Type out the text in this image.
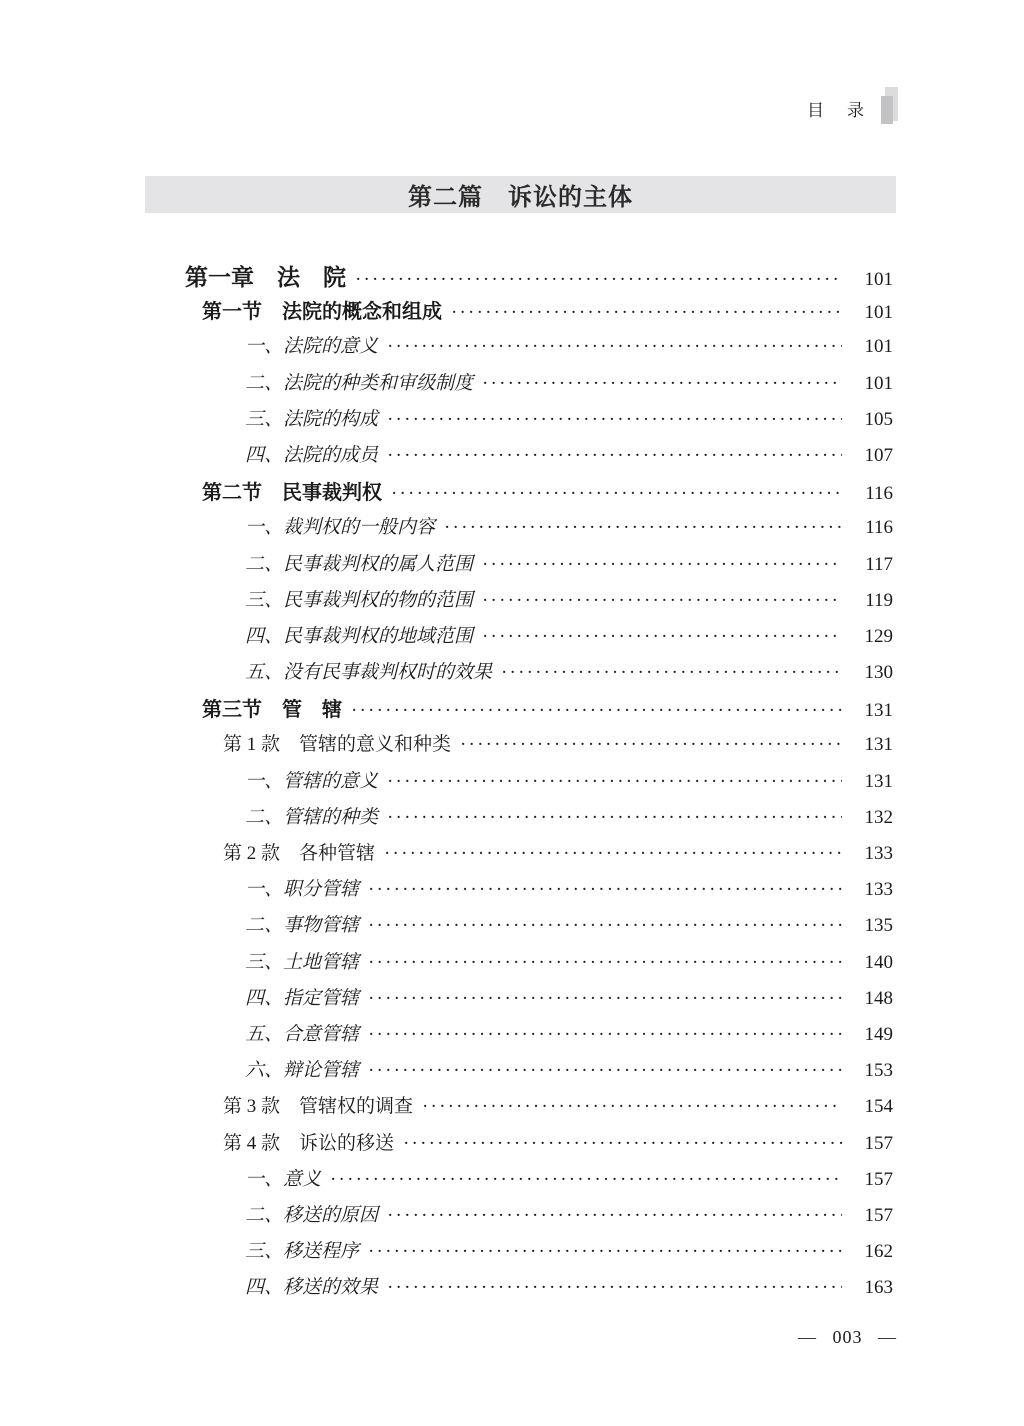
目　录
第二篇　诉讼的主体
第一章　法　院 ·····	101
第一节　法院的概念和组成 ·····	101
一、法院的意义 ·····	101
二、法院的种类和审级制度 ·····	101
三、法院的构成 ·····	105
四、法院的成员 ·····	107
第二节　民事裁判权 ·····	116
一、裁判权的一般内容 ·····	116
二、民事裁判权的属人范围 ·····	117
三、民事裁判权的物的范围 ·····	119
四、民事裁判权的地域范围 ·····	129
五、没有民事裁判权时的效果 ·····	130
第三节　管　辖 ·····	131
第 1 款　管辖的意义和种类 ·····	131
一、管辖的意义 ·····	131
二、管辖的种类 ·····	132
第 2 款　各种管辖 ·····	133
一、职分管辖 ·····	133
二、事物管辖 ·····	135
三、土地管辖 ·····	140
四、指定管辖 ·····	148
五、合意管辖 ·····	149
六、辩论管辖 ·····	153
第 3 款　管辖权的调查 ·····	154
第 4 款　诉讼的移送 ·····	157
一、意义 ·····	157
二、移送的原因 ·····	157
三、移送程序 ·····	162
四、移送的效果 ·····	163
— 003 —
